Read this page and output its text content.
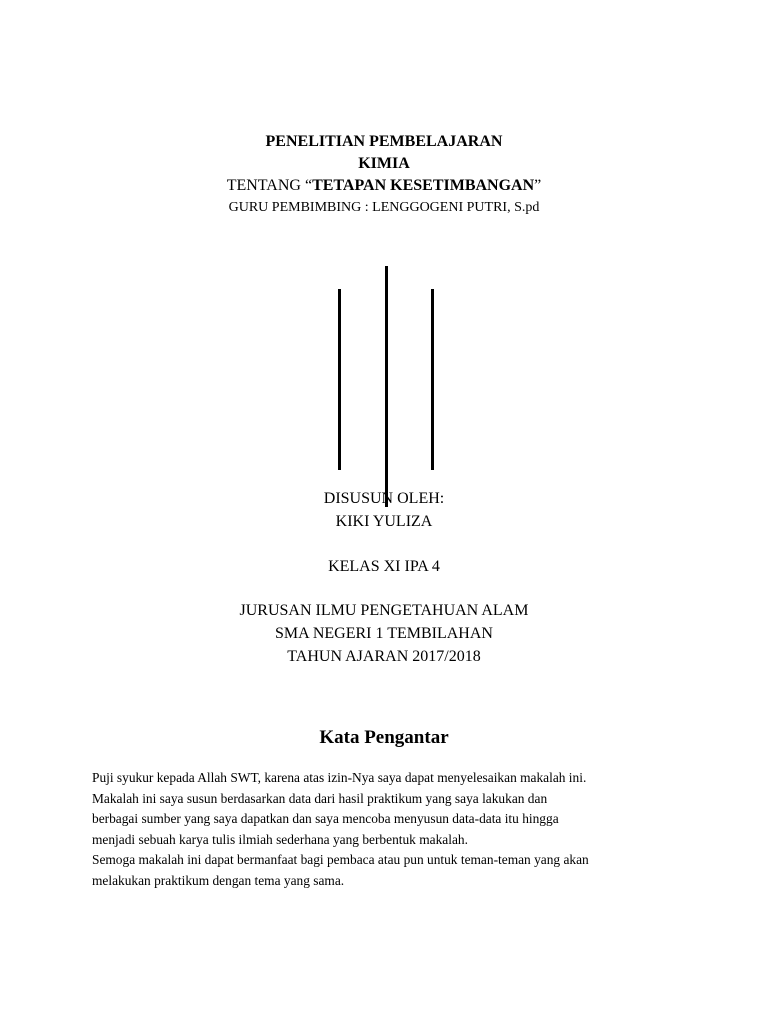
PENELITIAN PEMBELAJARAN
KIMIA
TENTANG “TETAPAN KESETIMBANGAN”
GURU PEMBIMBING : LENGGOGENI PUTRI, S.pd
DISUSUN OLEH:
KIKI YULIZA
KELAS XI IPA 4
JURUSAN ILMU PENGETAHUAN ALAM
SMA NEGERI 1 TEMBILAHAN
TAHUN AJARAN 2017/2018
Kata Pengantar

Puji syukur kepada Allah SWT, karena atas izin-Nya saya dapat menyelesaikan makalah ini.

Makalah ini saya susun berdasarkan data dari hasil praktikum yang saya lakukan dan

berbagai sumber yang saya dapatkan dan saya mencoba menyusun data-data itu hingga

menjadi sebuah karya tulis ilmiah sederhana yang berbentuk makalah.

Semoga makalah ini dapat bermanfaat bagi pembaca atau pun untuk teman-teman yang akan

melakukan praktikum dengan tema yang sama.
